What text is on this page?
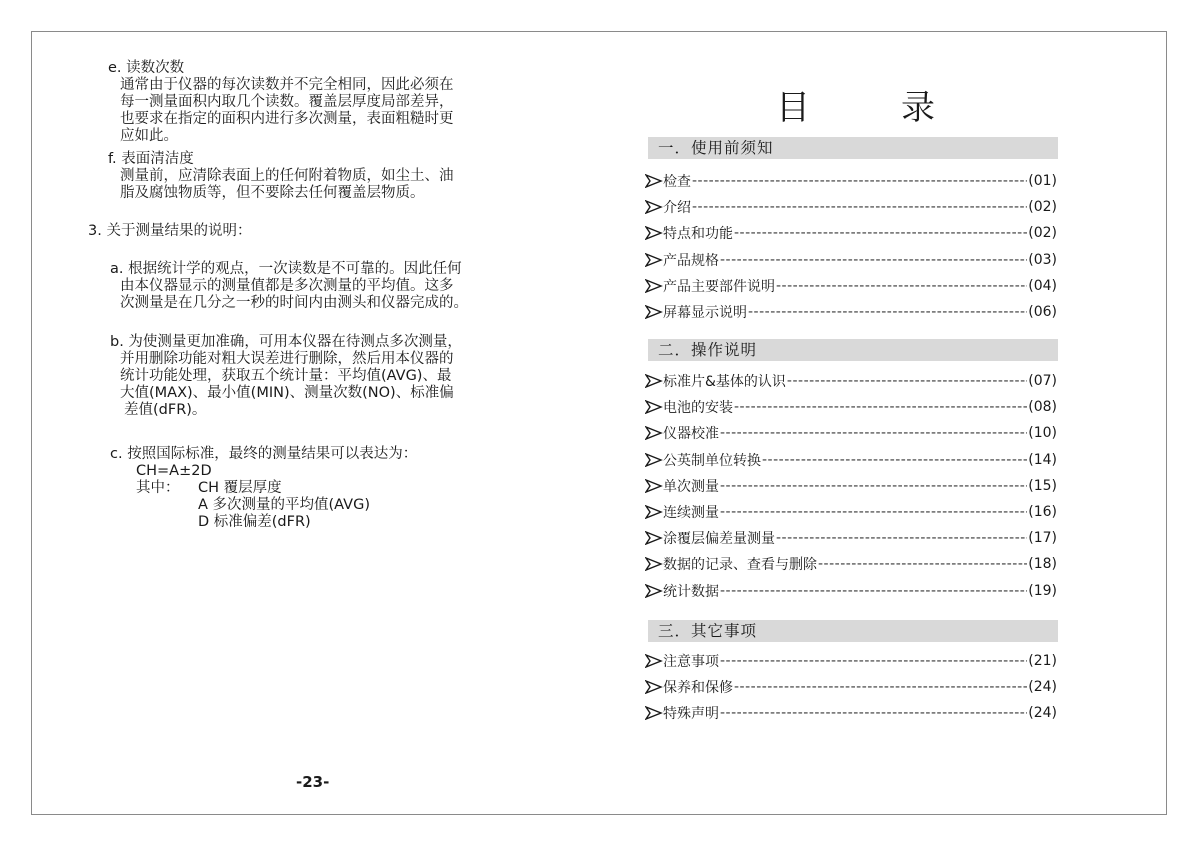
e. 读数次数
通常由于仪器的每次读数并不完全相同，因此必须在
每一测量面积内取几个读数。覆盖层厚度局部差异，
也要求在指定的面积内进行多次测量，表面粗糙时更
应如此。
f. 表面清洁度
测量前，应清除表面上的任何附着物质，如尘土、油
脂及腐蚀物质等，但不要除去任何覆盖层物质。
3. 关于测量结果的说明：
a. 根据统计学的观点，一次读数是不可靠的。因此任何
由本仪器显示的测量值都是多次测量的平均值。这多
次测量是在几分之一秒的时间内由测头和仪器完成的。
b. 为使测量更加准确，可用本仪器在待测点多次测量，
并用删除功能对粗大误差进行删除，然后用本仪器的
统计功能处理，获取五个统计量：平均值(AVG)、最
大值(MAX)、最小值(MIN)、测量次数(NO)、标准偏
差值(dFR)。
c. 按照国际标准，最终的测量结果可以表达为：
CH=A±2D
其中： CH 覆层厚度
A 多次测量的平均值(AVG)
D 标准偏差(dFR)
-23-
目	录
一．使用前须知
检查 -----	(01)
介绍 -----	(02)
特点和功能 -----	(02)
产品规格 -----	(03)
产品主要部件说明 -----	(04)
屏幕显示说明 -----	(06)
二．操作说明
标准片&基体的认识 -----	(07)
电池的安装 -----	(08)
仪器校准 -----	(10)
公英制单位转换 -----	(14)
单次测量 -----	(15)
连续测量 -----	(16)
涂覆层偏差量测量 -----	(17)
数据的记录、查看与删除 -----	(18)
统计数据 -----	(19)
三．其它事项
注意事项 -----	(21)
保养和保修 -----	(24)
特殊声明 -----	(24)
